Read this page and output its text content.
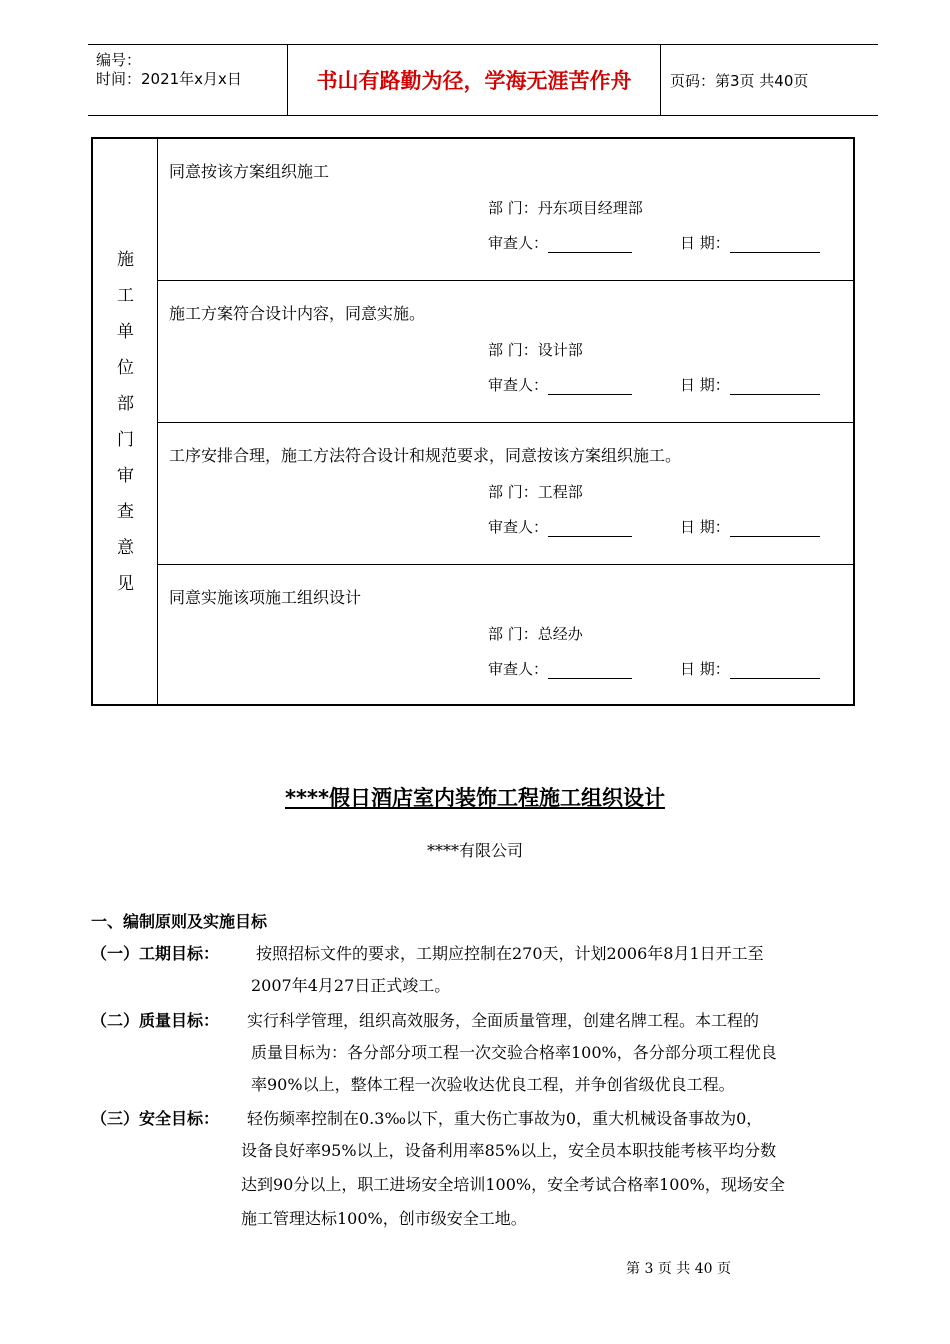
编号：
时间：2021年x月x日	书山有路勤为径，学海无涯苦作舟	页码：第3页 共40页
施
工
单
位
部
门
审
查
意
见
同意按该方案组织施工
部 门：丹东项目经理部
审查人：	日 期：
施工方案符合设计内容，同意实施。
部 门：设计部
审查人：	日 期：
工序安排合理，施工方法符合设计和规范要求，同意按该方案组织施工。
部 门：工程部
审查人：	日 期：
同意实施该项施工组织设计
部 门：总经办
审查人：	日 期：
****假日酒店室内装饰工程施工组织设计
****有限公司
一、编制原则及实施目标
（一）工期目标： 按照招标文件的要求，工期应控制在270天，计划2006年8月1日开工至
2007年4月27日正式竣工。
（二）质量目标： 实行科学管理，组织高效服务，全面质量管理，创建名牌工程。本工程的
质量目标为：各分部分项工程一次交验合格率100%，各分部分项工程优良
率90%以上，整体工程一次验收达优良工程，并争创省级优良工程。
（三）安全目标： 轻伤频率控制在0.3‰以下，重大伤亡事故为0，重大机械设备事故为0，
设备良好率95%以上，设备利用率85%以上，安全员本职技能考核平均分数
达到90分以上，职工进场安全培训100%，安全考试合格率100%，现场安全
施工管理达标100%，创市级安全工地。
第 3 页 共 40 页
